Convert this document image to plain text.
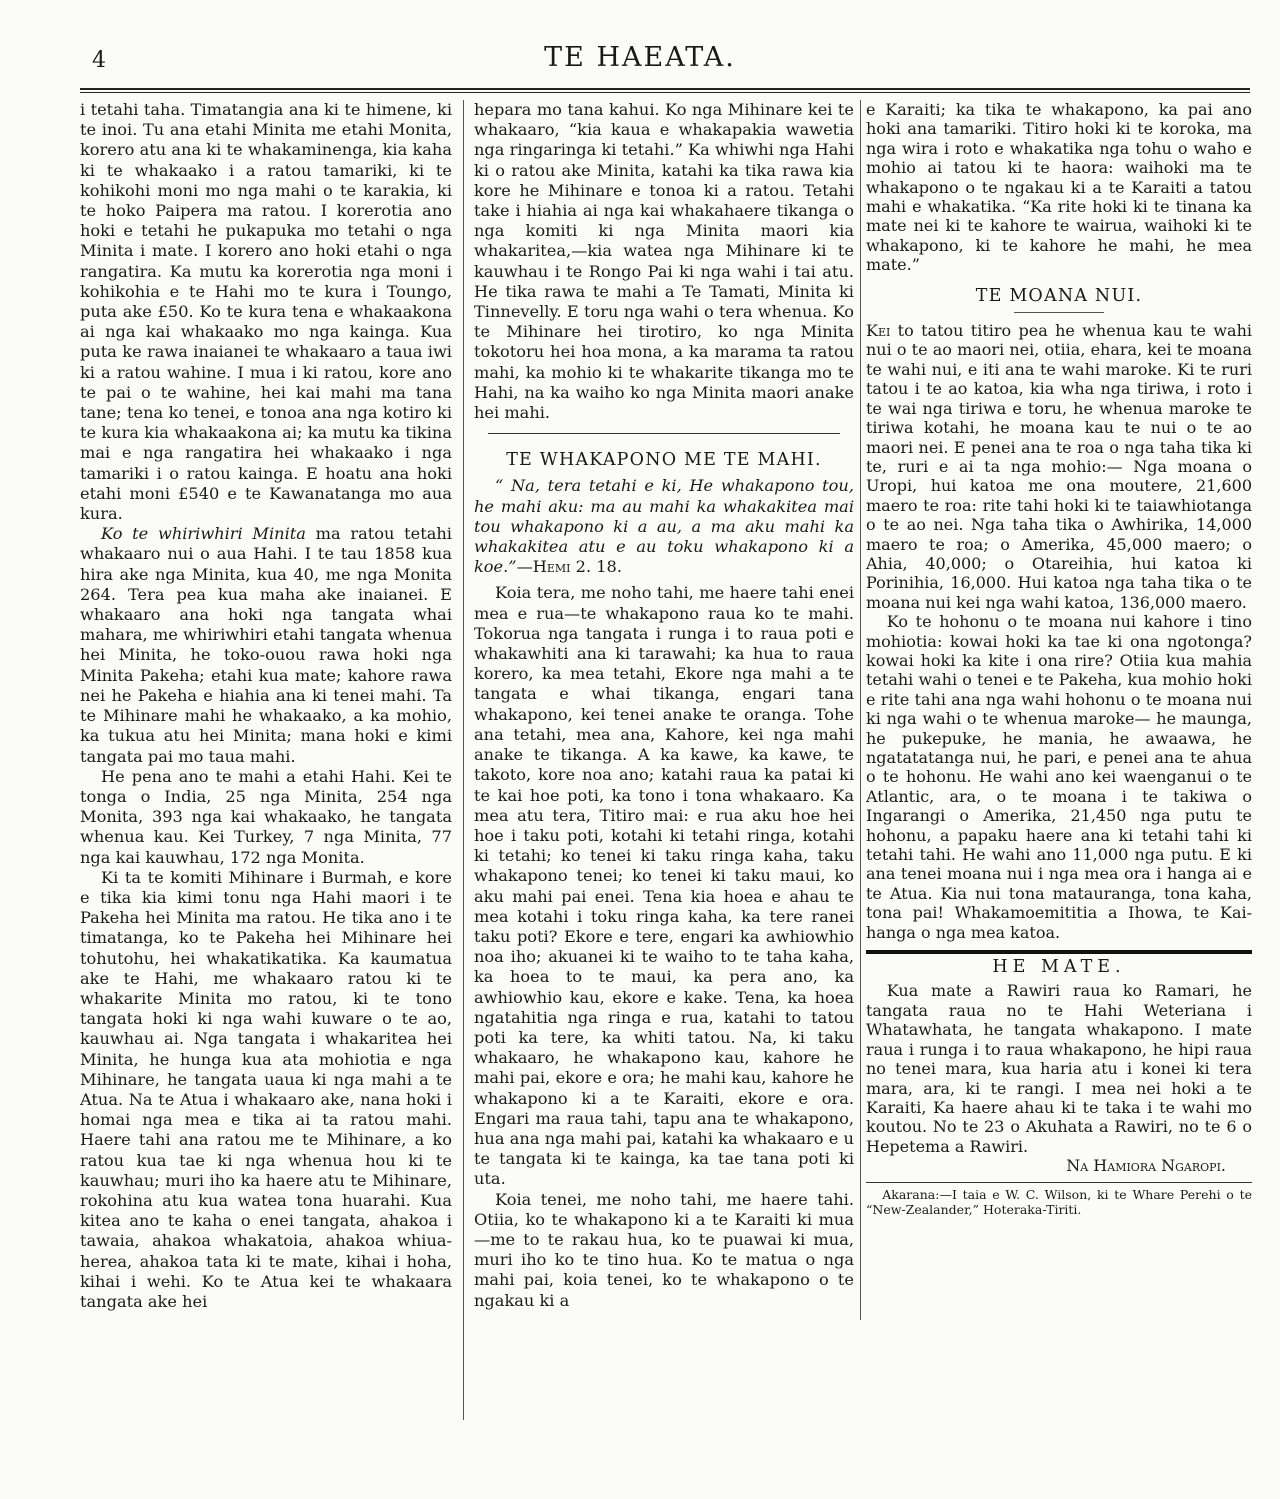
4	TE HAEATA.

i tetahi taha. Timatangia ana ki te himene, ki te inoi. Tu ana etahi Minita me etahi Monita, korero atu ana ki te whakaminenga, kia kaha ki te whakaako i a ratou tamariki, ki te kohikohi moni mo nga mahi o te karakia, ki te hoko Paipera ma ratou. I korerotia ano hoki e tetahi he pukapuka mo tetahi o nga Minita i mate. I korero ano hoki etahi o nga rangatira. Ka mutu ka korerotia nga moni i kohikohia e te Hahi mo te kura i Toungo, puta ake £50. Ko te kura tena e whakaakona ai nga kai whakaako mo nga kainga. Kua puta ke rawa inaianei te whakaaro a taua iwi ki a ratou wahine. I mua i ki ratou, kore ano te pai o te wahine, hei kai mahi ma tana tane; tena ko tenei, e tonoa ana nga kotiro ki te kura kia whakaakona ai; ka mutu ka tikina mai e nga rangatira hei whakaako i nga tamariki i o ratou kainga. E hoatu ana hoki etahi moni £540 e te Kawanatanga mo aua kura.

Ko te whiriwhiri Minita ma ratou tetahi whakaaro nui o aua Hahi. I te tau 1858 kua hira ake nga Minita, kua 40, me nga Monita 264. Tera pea kua maha ake inaianei. E whakaaro ana hoki nga tangata whai mahara, me whiriwhiri etahi tangata whenua hei Minita, he toko-ouou rawa hoki nga Minita Pakeha; etahi kua mate; kahore rawa nei he Pakeha e hiahia ana ki tenei mahi. Ta te Mihinare mahi he whakaako, a ka mohio, ka tukua atu hei Minita; mana hoki e kimi tangata pai mo taua mahi.

He pena ano te mahi a etahi Hahi. Kei te tonga o India, 25 nga Minita, 254 nga Monita, 393 nga kai whakaako, he tangata whenua kau. Kei Turkey, 7 nga Minita, 77 nga kai kauwhau, 172 nga Monita.

Ki ta te komiti Mihinare i Burmah, e kore e tika kia kimi tonu nga Hahi maori i te Pakeha hei Minita ma ratou. He tika ano i te timatanga, ko te Pakeha hei Mihinare hei tohutohu, hei whakatikatika. Ka kaumatua ake te Hahi, me whakaaro ratou ki te whakarite Minita mo ratou, ki te tono tangata hoki ki nga wahi kuware o te ao, kauwhau ai. Nga tangata i whakaritea hei Minita, he hunga kua ata mohiotia e nga Mihinare, he tangata uaua ki nga mahi a te Atua. Na te Atua i whakaaro ake, nana hoki i homai nga mea e tika ai ta ratou mahi. Haere tahi ana ratou me te Mihinare, a ko ratou kua tae ki nga whenua hou ki te kauwhau; muri iho ka haere atu te Mihinare, rokohina atu kua watea tona huarahi. Kua kitea ano te kaha o enei tangata, ahakoa i tawaia, ahakoa whakatoia, ahakoa whiua-herea, ahakoa tata ki te mate, kihai i hoha, kihai i wehi. Ko te Atua kei te whakaara tangata ake hei

hepara mo tana kahui. Ko nga Mihinare kei te whakaaro, “kia kaua e whakapakia wawetia nga ringaringa ki tetahi.” Ka whiwhi nga Hahi ki o ratou ake Minita, katahi ka tika rawa kia kore he Mihinare e tonoa ki a ratou. Tetahi take i hiahia ai nga kai whakahaere tikanga o nga komiti ki nga Minita maori kia whakaritea,—kia watea nga Mihinare ki te kauwhau i te Rongo Pai ki nga wahi i tai atu. He tika rawa te mahi a Te Tamati, Minita ki Tinnevelly. E toru nga wahi o tera whenua. Ko te Mihinare hei tirotiro, ko nga Minita tokotoru hei hoa mona, a ka marama ta ratou mahi, ka mohio ki te whakarite tikanga mo te Hahi, na ka waiho ko nga Minita maori anake hei mahi.

TE WHAKAPONO ME TE MAHI.

“ Na, tera tetahi e ki, He whakapono tou, he mahi aku: ma au mahi ka whakakitea mai tou whakapono ki a au, a ma aku mahi ka whakakitea atu e au toku whakapono ki a koe.”—Hemi 2. 18.

Koia tera, me noho tahi, me haere tahi enei mea e rua—te whakapono raua ko te mahi. Tokorua nga tangata i runga i to raua poti e whakawhiti ana ki tarawahi; ka hua to raua korero, ka mea tetahi, Ekore nga mahi a te tangata e whai tikanga, engari tana whakapono, kei tenei anake te oranga. Tohe ana tetahi, mea ana, Kahore, kei nga mahi anake te tikanga. A ka kawe, ka kawe, te takoto, kore noa ano; katahi raua ka patai ki te kai hoe poti, ka tono i tona whakaaro. Ka mea atu tera, Titiro mai: e rua aku hoe hei hoe i taku poti, kotahi ki tetahi ringa, kotahi ki tetahi; ko tenei ki taku ringa kaha, taku whakapono tenei; ko tenei ki taku maui, ko aku mahi pai enei. Tena kia hoea e ahau te mea kotahi i toku ringa kaha, ka tere ranei taku poti? Ekore e tere, engari ka awhiowhio noa iho; akuanei ki te waiho to te taha kaha, ka hoea to te maui, ka pera ano, ka awhiowhio kau, ekore e kake. Tena, ka hoea ngatahitia nga ringa e rua, katahi to tatou poti ka tere, ka whiti tatou. Na, ki taku whakaaro, he whakapono kau, kahore he mahi pai, ekore e ora; he mahi kau, kahore he whakapono ki a te Karaiti, ekore e ora. Engari ma raua tahi, tapu ana te whakapono, hua ana nga mahi pai, katahi ka whakaaro e u te tangata ki te kainga, ka tae tana poti ki uta.

Koia tenei, me noho tahi, me haere tahi. Otiia, ko te whakapono ki a te Karaiti ki mua—me to te rakau hua, ko te puawai ki mua, muri iho ko te tino hua. Ko te matua o nga mahi pai, koia tenei, ko te whakapono o te ngakau ki a

e Karaiti; ka tika te whakapono, ka pai ano hoki ana tamariki. Titiro hoki ki te koroka, ma nga wira i roto e whakatika nga tohu o waho e mohio ai tatou ki te haora: waihoki ma te whakapono o te ngakau ki a te Karaiti a tatou mahi e whakatika. “Ka rite hoki ki te tinana ka mate nei ki te kahore te wairua, waihoki ki te whakapono, ki te kahore he mahi, he mea mate.”

TE MOANA NUI.

Kei to tatou titiro pea he whenua kau te wahi nui o te ao maori nei, otiia, ehara, kei te moana te wahi nui, e iti ana te wahi maroke. Ki te ruri tatou i te ao katoa, kia wha nga tiriwa, i roto i te wai nga tiriwa e toru, he whenua maroke te tiriwa kotahi, he moana kau te nui o te ao maori nei. E penei ana te roa o nga taha tika ki te, ruri e ai ta nga mohio:— Nga moana o Uropi, hui katoa me ona moutere, 21,600 maero te roa: rite tahi hoki ki te taiawhiotanga o te ao nei. Nga taha tika o Awhirika, 14,000 maero te roa; o Amerika, 45,000 maero; o Ahia, 40,000; o Otareihia, hui katoa ki Porinihia, 16,000. Hui katoa nga taha tika o te moana nui kei nga wahi katoa, 136,000 maero.

Ko te hohonu o te moana nui kahore i tino mohiotia: kowai hoki ka tae ki ona ngotonga? kowai hoki ka kite i ona rire? Otiia kua mahia tetahi wahi o tenei e te Pakeha, kua mohio hoki e rite tahi ana nga wahi hohonu o te moana nui ki nga wahi o te whenua maroke— he maunga, he pukepuke, he mania, he awaawa, he ngatatatanga nui, he pari, e penei ana te ahua o te hohonu. He wahi ano kei waenganui o te Atlantic, ara, o te moana i te takiwa o Ingarangi o Amerika, 21,450 nga putu te hohonu, a papaku haere ana ki tetahi tahi ki tetahi tahi. He wahi ano 11,000 nga putu. E ki ana tenei moana nui i nga mea ora i hanga ai e te Atua. Kia nui tona matauranga, tona kaha, tona pai! Whakamoemititia a Ihowa, te Kai-hanga o nga mea katoa.

HE MATE.

Kua mate a Rawiri raua ko Ramari, he tangata raua no te Hahi Weteriana i Whatawhata, he tangata whakapono. I mate raua i runga i to raua whakapono, he hipi raua no tenei mara, kua haria atu i konei ki tera mara, ara, ki te rangi. I mea nei hoki a te Karaiti, Ka haere ahau ki te taka i te wahi mo koutou. No te 23 o Akuhata a Rawiri, no te 6 o Hepetema a Rawiri.

Na Hamiora Ngaropi.

Akarana:—I taia e W. C. Wilson, ki te Whare Perehi o te “New-Zealander,” Hoteraka-Tiriti.
